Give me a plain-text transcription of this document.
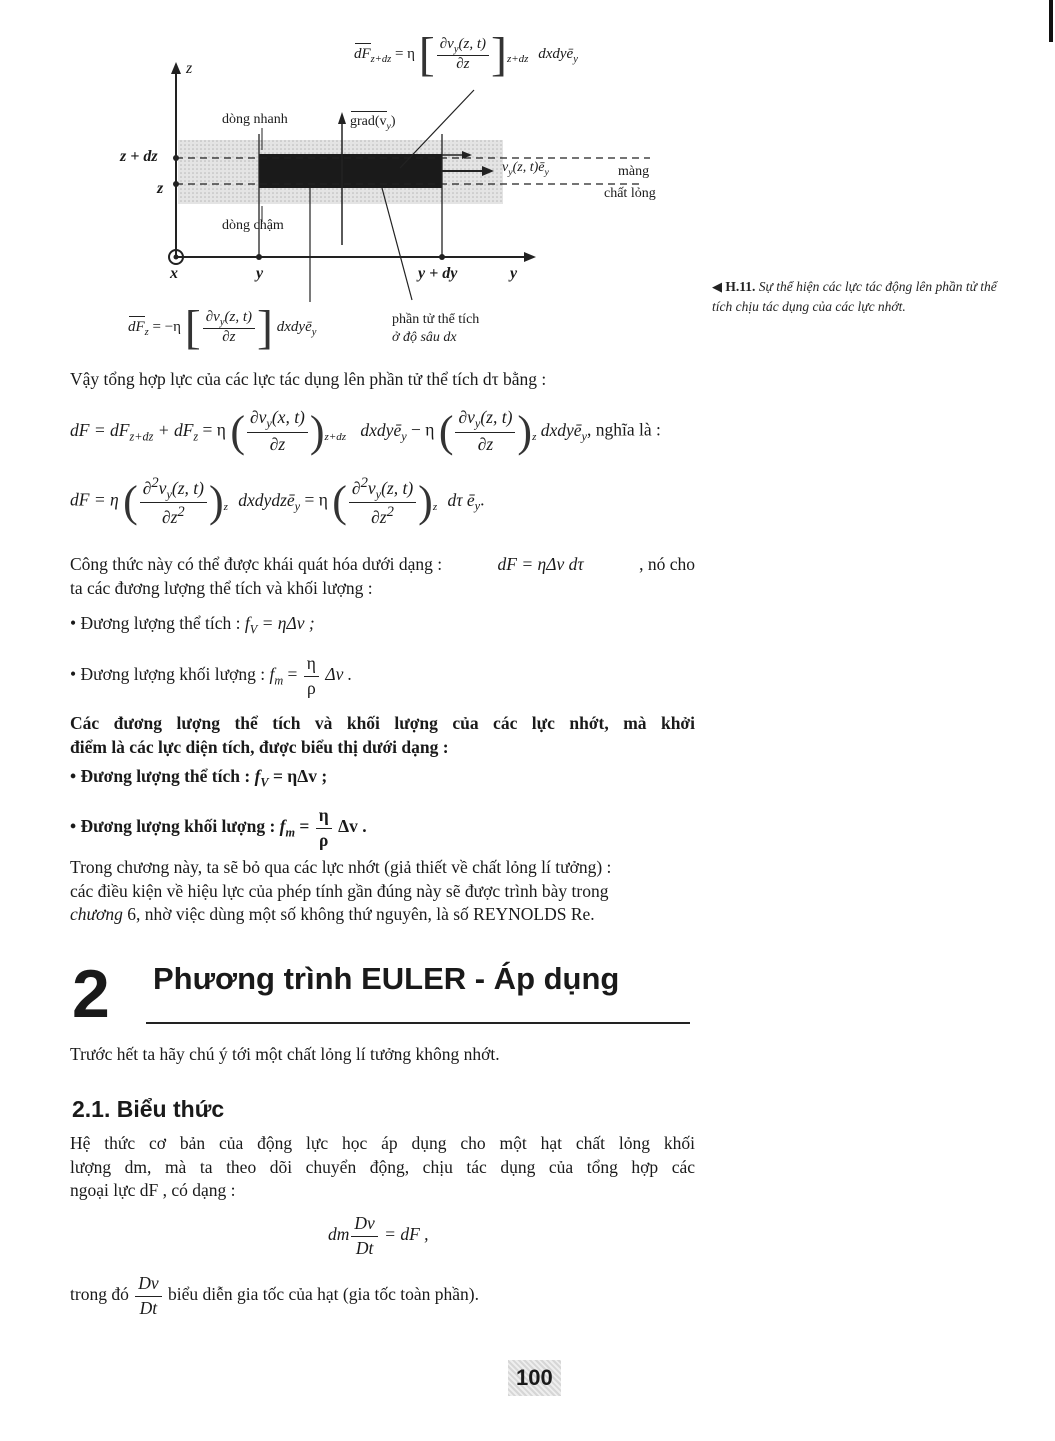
$dF_{z+dz} = \eta$ [ $\frac{\partial v_y(z, t)}{\partial z} ]_{z+dz}$ dxdyē$_y$
z
dòng nhanh	$grad(v_y)$
z + dz
z
$v_y(z$, $t)ē_y$	màng
chất lỏng
dòng chậm
x	y	y + dy	y
$dF_z = -\eta$ [ $\frac{\partial v_y(z, t)}{\partial z}$ ] dxdyē$_y$
phần tử thể tích
ở độ sâu dx
◀ H.11. Sự thể hiện các lực tác động lên phần tử thể tích chịu tác dụng của các lực nhớt.
Vậy tổng hợp lực của các lực tác dụng lên phần tử thể tích dτ bằng :
dF = $dF_{z+dz} + dF_z = \eta$ ( $\frac{\partial v_y(x, t)}{\partial z} )_{z+dz}$ dxdyē$_y$ − η ( $\frac{\partial v_y(z, t)}{\partial z} )_z$ dxdyē$_y$, nghĩa là :
dF = η ( $\frac{\partial^2v_y(z, t)}{\partial z^2} )_z$ dxdydzē$_y$ = η ( $\frac{\partial^2v_y(z, t)}{\partial z^2} )_z$ dτ $ē_y$.
Công thức này có thể được khái quát hóa dưới dạng :	dF = ηΔv dτ	, nó cho
ta các đương lượng thể tích và khối lượng :
• Đương lượng thể tích : $f_V = \eta\Delta v$ ;
• Đương lượng khối lượng : $f_m = \frac{\eta}{\rho}$ Δv .
Các đương lượng thể tích và khối lượng của các lực nhớt, mà khởi
điểm là các lực diện tích, được biểu thị dưới dạng :
• Đương lượng thể tích : $f_V = \eta\Delta v$ ;
• Đương lượng khối lượng : $f_m = \frac{\eta}{\rho}$ Δv .
Trong chương này, ta sẽ bỏ qua các lực nhớt (giả thiết về chất lỏng lí tưởng) :
các điều kiện về hiệu lực của phép tính gần đúng này sẽ được trình bày trong
chương 6, nhờ việc dùng một số không thứ nguyên, là số REYNOLDS Re.
2 Phương trình EULER - Áp dụng
Trước hết ta hãy chú ý tới một chất lỏng lí tưởng không nhớt.
2.1. Biểu thức
Hệ thức cơ bản của động lực học áp dụng cho một hạt chất lỏng khối
lượng dm, mà ta theo dõi chuyển động, chịu tác dụng của tổng hợp các
ngoại lực dF , có dạng :
dm $\frac{Dv}{Dt}$ = dF ,
trong đó $\frac{Dv}{Dt}$ biểu diễn gia tốc của hạt (gia tốc toàn phần).
100
